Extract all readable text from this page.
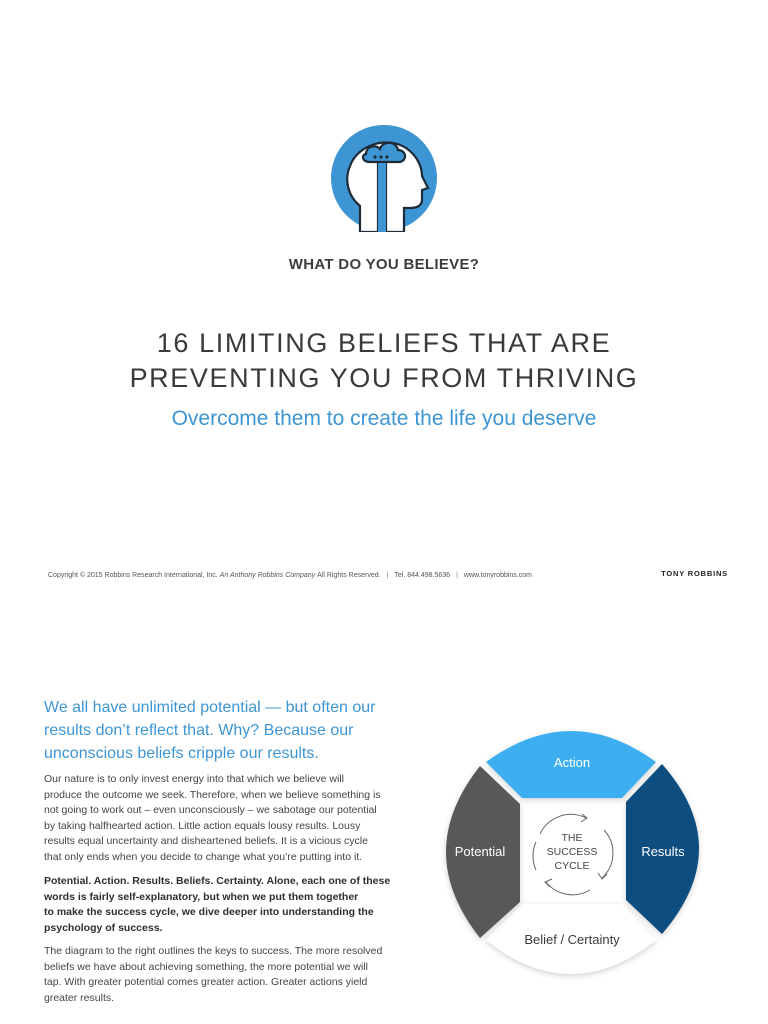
WHAT DO YOU BELIEVE?
16 LIMITING BELIEFS THAT ARE
PREVENTING YOU FROM THRIVING
Overcome them to create the life you deserve
Copyright © 2015 Robbins Research International, Inc.
An Anthony Robbins Company
All Rights Reserved. | Tel. 844.498.5636 | www.tonyrobbins.com	TONY ROBBINS
We all have unlimited potential — but often our
results don’t reflect that. Why? Because our
unconscious beliefs cripple our results.
Our nature is to only invest energy into that which we believe will
produce the outcome we seek. Therefore, when we believe something is
not going to work out – even unconsciously – we sabotage our potential
by taking halfhearted action. Little action equals lousy results. Lousy
results equal uncertainty and disheartened beliefs. It is a vicious cycle
that only ends when you decide to change what you’re putting into it.
Potential. Action. Results. Beliefs. Certainty. Alone, each one of these
words is fairly self-explanatory, but when we put them together
to make the success cycle, we dive deeper into understanding the
psychology of success.
The diagram to the right outlines the keys to success. The more resolved
beliefs we have about achieving something, the more potential we will
tap. With greater potential comes greater action. Greater actions yield
greater results.
Action
Results
Belief / Certainty
Potential
THE
SUCCESS
CYCLE
